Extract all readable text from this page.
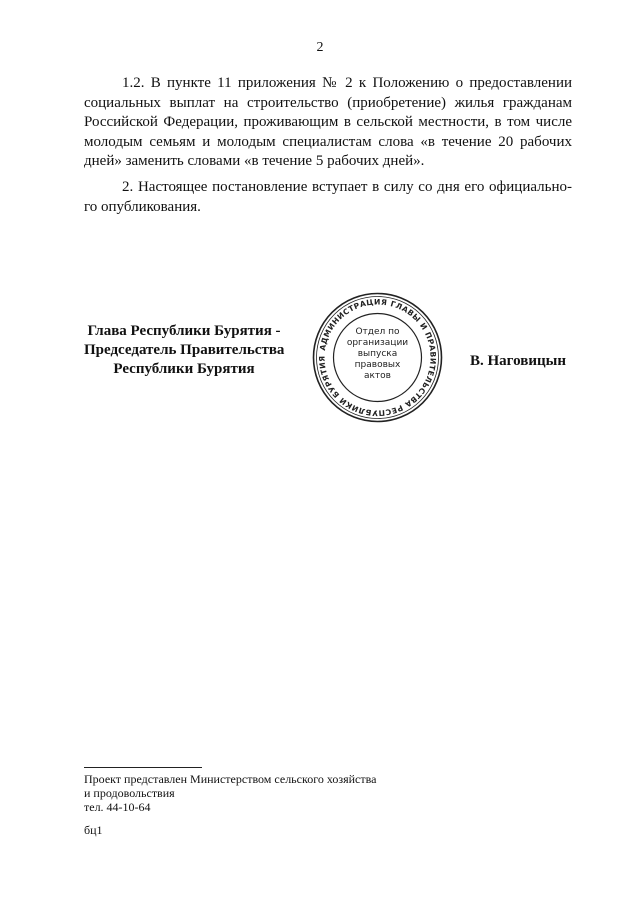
2

1.2. В пункте 11 приложения № 2 к Положению о предоставлении социальных выплат на строительство (приобретение) жилья гражданам Российской Федерации, проживающим в сельской местности, в том числе молодым семьям и молодым специалистам слова «в течение 20 рабочих дней» заменить словами «в течение 5 рабочих дней».

2. Настоящее постановление вступает в силу со дня его официально-го опубликования.

Глава Республики Бурятия -
Председатель Правительства
Республики Бурятия
АДМИНИСТРАЦИЯ ГЛАВЫ И ПРАВИТЕЛЬСТВА РЕСПУБЛИКИ БУРЯТИЯ
Отдел по
организации
выпуска
правовых
актов
В. Наговицын
Проект представлен Министерством сельского хозяйства
и продовольствия
тел. 44-10-64
бц1
